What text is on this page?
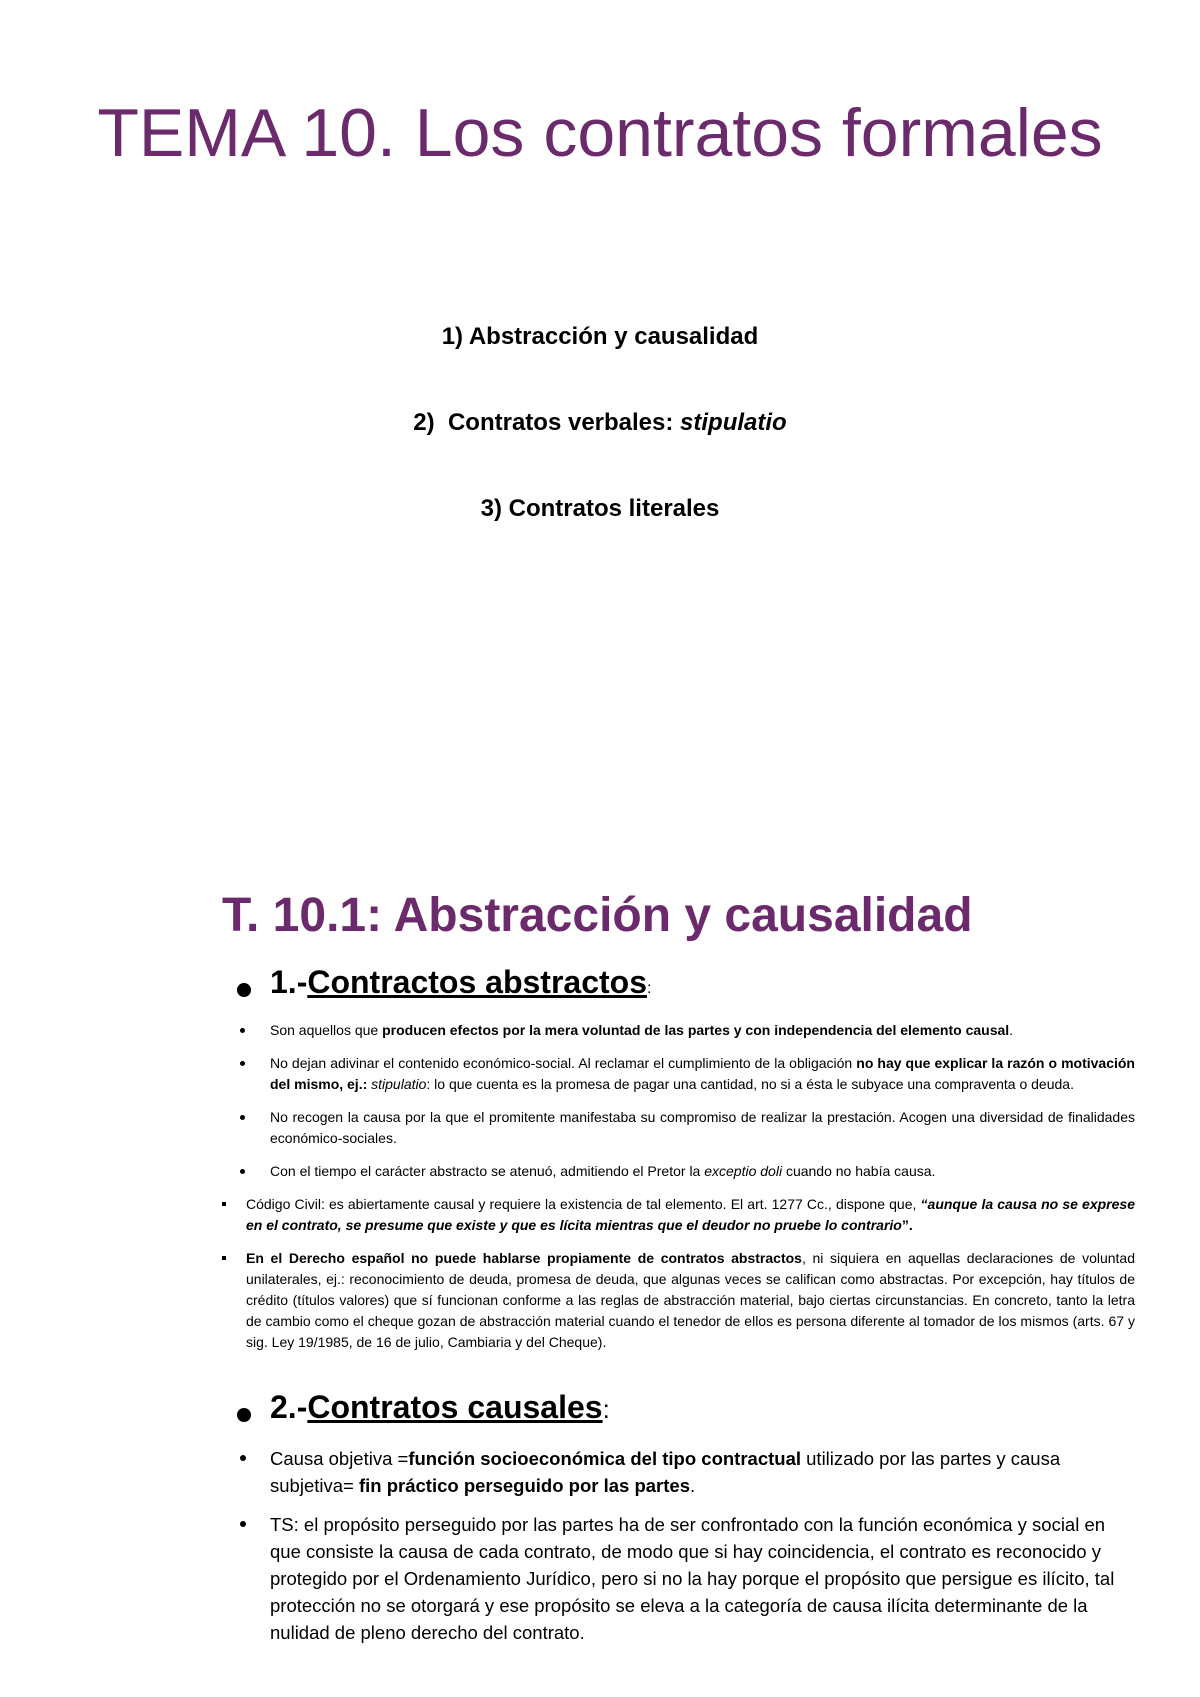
TEMA 10. Los contratos formales

1) Abstracción y causalidad

2) Contratos verbales: stipulatio

3) Contratos literales

T. 10.1: Abstracción y causalidad
1.-Contractos abstractos:
Son aquellos que producen efectos por la mera voluntad de las partes y con independencia del elemento causal.
No dejan adivinar el contenido económico-social. Al reclamar el cumplimiento de la obligación no hay que explicar la razón o motivación del mismo, ej.: stipulatio: lo que cuenta es la promesa de pagar una cantidad, no si a ésta le subyace una compraventa o deuda.
No recogen la causa por la que el promitente manifestaba su compromiso de realizar la prestación. Acogen una diversidad de finalidades económico-sociales.
Con el tiempo el carácter abstracto se atenuó, admitiendo el Pretor la exceptio doli cuando no había causa.
Código Civil: es abiertamente causal y requiere la existencia de tal elemento. El art. 1277 Cc., dispone que, “aunque la causa no se exprese en el contrato, se presume que existe y que es lícita mientras que el deudor no pruebe lo contrario”.
En el Derecho español no puede hablarse propiamente de contratos abstractos, ni siquiera en aquellas declaraciones de voluntad unilaterales, ej.: reconocimiento de deuda, promesa de deuda, que algunas veces se califican como abstractas. Por excepción, hay títulos de crédito (títulos valores) que sí funcionan conforme a las reglas de abstracción material, bajo ciertas circunstancias. En concreto, tanto la letra de cambio como el cheque gozan de abstracción material cuando el tenedor de ellos es persona diferente al tomador de los mismos (arts. 67 y sig. Ley 19/1985, de 16 de julio, Cambiaria y del Cheque).
2.-Contratos causales:
Causa objetiva =función socioeconómica del tipo contractual utilizado por las partes y causa subjetiva= fin práctico perseguido por las partes.
TS: el propósito perseguido por las partes ha de ser confrontado con la función económica y social en que consiste la causa de cada contrato, de modo que si hay coincidencia, el contrato es reconocido y protegido por el Ordenamiento Jurídico, pero si no la hay porque el propósito que persigue es ilícito, tal protección no se otorgará y ese propósito se eleva a la categoría de causa ilícita determinante de la nulidad de pleno derecho del contrato.
